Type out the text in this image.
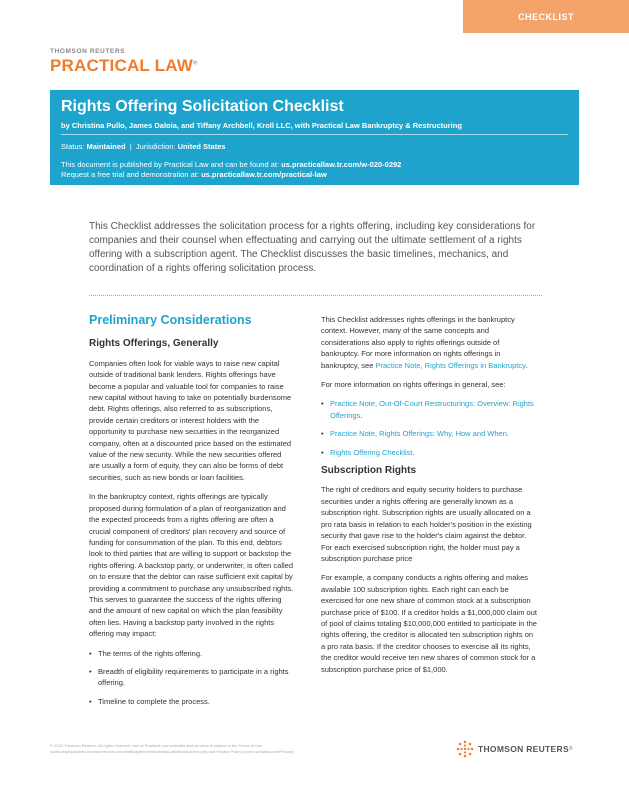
CHECKLIST
THOMSON REUTERS
PRACTICAL LAW®
Rights Offering Solicitation Checklist
by Christina Pullo, James Daloia, and Tiffany Archbell, Kroll LLC, with Practical Law Bankruptcy & Restructuring
Status: Maintained  |  Jurisdiction: United States
This document is published by Practical Law and can be found at: us.practicallaw.tr.com/w-020-0292
Request a free trial and demonstration at: us.practicallaw.tr.com/practical-law
This Checklist addresses the solicitation process for a rights offering, including key considerations for companies and their counsel when effectuating and carrying out the ultimate settlement of a rights offering with a subscription agent. The Checklist discusses the basic timelines, mechanics, and coordination of a rights offering solicitation process.
Preliminary Considerations
Rights Offerings, Generally

Companies often look for viable ways to raise new capital outside of traditional bank lenders. Rights offerings have become a popular and valuable tool for companies to raise new capital without having to take on potentially burdensome debt. Rights offerings, also referred to as subscriptions, provide certain creditors or interest holders with the opportunity to purchase new securities in the reorganized company, often at a discounted price based on the estimated value of the new security. While the new securities offered are usually a form of equity, they can also be forms of debt securities, such as new bonds or loan facilities.

In the bankruptcy context, rights offerings are typically proposed during formulation of a plan of reorganization and the expected proceeds from a rights offering are often a crucial component of creditors' plan recovery and source of funding for consummation of the plan. To this end, debtors look to third parties that are willing to support or backstop the rights offering. A backstop party, or underwriter, is often called on to ensure that the debtor can raise sufficient exit capital by providing a commitment to purchase any unsubscribed rights. This serves to guarantee the success of the rights offering and the amount of new capital on which the plan feasibility often lies. Having a backstop party involved in the rights offering may impact:

• The terms of the rights offering.
• Breadth of eligibility requirements to participate in a rights offering.
• Timeline to complete the process.

This Checklist addresses rights offerings in the bankruptcy context. However, many of the same concepts and considerations also apply to rights offerings outside of bankruptcy. For more information on rights offerings in bankruptcy, see Practice Note, Rights Offerings in Bankruptcy.

For more information on rights offerings in general, see:

• Practice Note, Out-Of-Court Restructurings: Overview: Rights Offerings.
• Practice Note, Rights Offerings: Why, How and When.
• Rights Offering Checklist.
Subscription Rights

The right of creditors and equity security holders to purchase securities under a rights offering are generally known as a subscription right. Subscription rights are usually allocated on a pro rata basis in relation to each holder's position in the existing security that gave rise to the holder's claim against the debtor. For each exercised subscription right, the holder must pay a subscription purchase price

For example, a company conducts a rights offering and makes available 100 subscription rights. Each right can each be exercised for one new share of common stock at a subscription purchase price of $100. If a creditor holds a $1,000,000 claim out of pool of claims totaling $10,000,000 entitled to participate in the rights offering, the creditor is allocated ten subscription rights on a pro rata basis. If the creditor chooses to exercise all its rights, the creditor would receive ten new shares of common stock for a subscription purchase price of $1,000.

© 2022 Thomson Reuters. All rights reserved. Use of Practical Law websites and services is subject to the Terms of Use (static.legalsolutions.thomsonreuters.com/static/agreement/westlaw-additional-terms.pdf) and Privacy Policy (a.next.westlaw.com/Privacy).	THOMSON REUTERS ®
